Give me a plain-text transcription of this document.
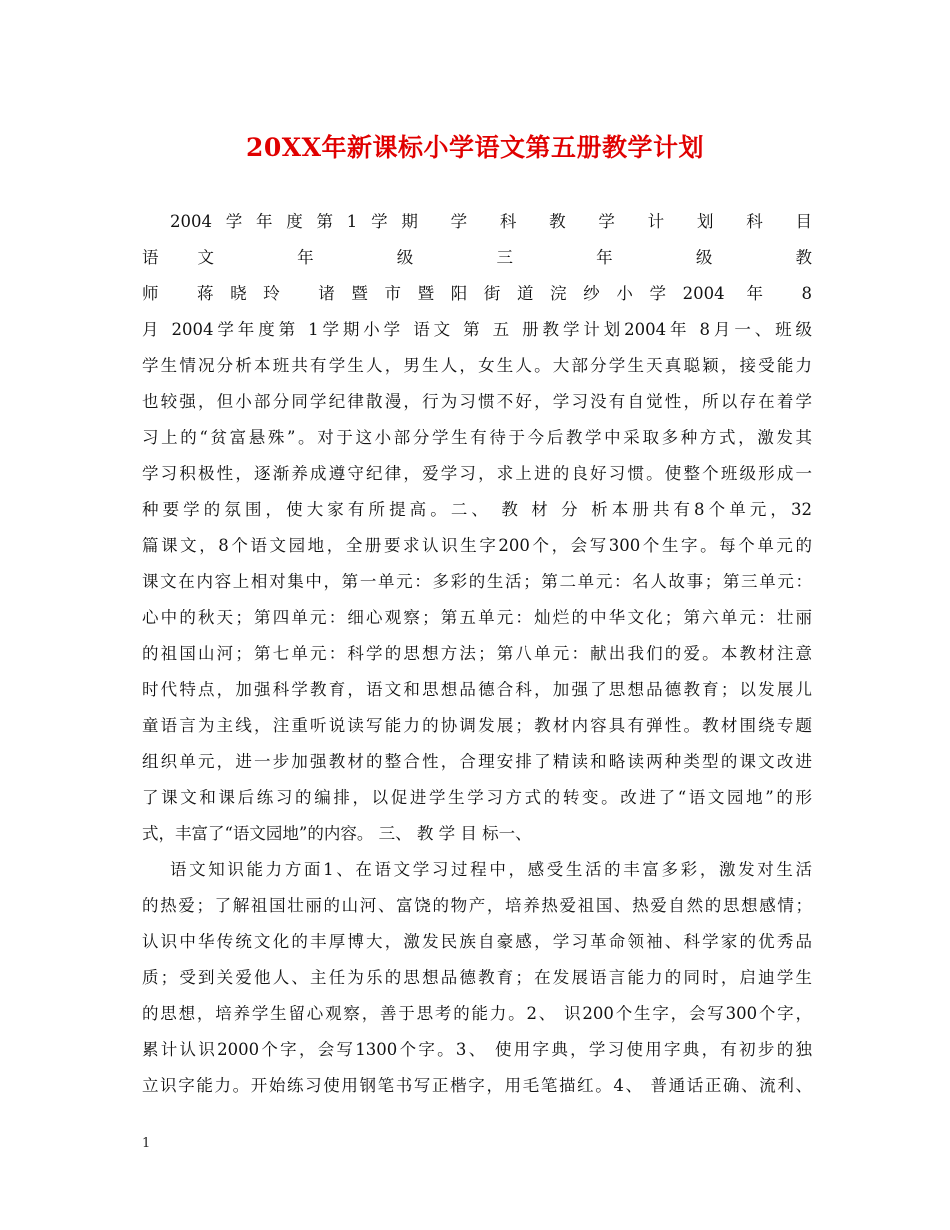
20XX年新课标小学语文第五册教学计划
2004学年度第1学期 学 科 教 学 计 划 科 目
语文 年 级 三 年 级 教
师 蒋晓玲 诸暨市暨阳街道浣纱小学2004 年 8
月 2004学年度第 1学期小学 语文 第 五 册教学计划2004年 8月一、班级
学生情况分析本班共有学生人，男生人，女生人。大部分学生天真聪颖，接受能力
也较强，但小部分同学纪律散漫，行为习惯不好，学习没有自觉性，所以存在着学
习上的“贫富悬殊”。对于这小部分学生有待于今后教学中采取多种方式，激发其
学习积极性，逐渐养成遵守纪律，爱学习，求上进的良好习惯。使整个班级形成一
种要学的氛围，使大家有所提高。二、 教 材 分 析本册共有8个单元，32
篇课文，8个语文园地，全册要求认识生字200个，会写300个生字。每个单元的
课文在内容上相对集中，第一单元：多彩的生活；第二单元：名人故事；第三单元：
心中的秋天；第四单元：细心观察；第五单元：灿烂的中华文化；第六单元：壮丽
的祖国山河；第七单元：科学的思想方法；第八单元：献出我们的爱。本教材注意
时代特点，加强科学教育，语文和思想品德合科，加强了思想品德教育；以发展儿
童语言为主线，注重听说读写能力的协调发展；教材内容具有弹性。教材围绕专题
组织单元，进一步加强教材的整合性，合理安排了精读和略读两种类型的课文改进
了课文和课后练习的编排，以促进学生学习方式的转变。改进了“语文园地”的形
式，丰富了“语文园地”的内容。 三、 教 学 目 标一、
语文知识能力方面1、在语文学习过程中，感受生活的丰富多彩，激发对生活
的热爱；了解祖国壮丽的山河、富饶的物产，培养热爱祖国、热爱自然的思想感情；
认识中华传统文化的丰厚博大，激发民族自豪感，学习革命领袖、科学家的优秀品
质；受到关爱他人、主任为乐的思想品德教育；在发展语言能力的同时，启迪学生
的思想，培养学生留心观察，善于思考的能力。2、 识200个生字，会写300个字，
累计认识2000个字，会写1300个字。3、 使用字典，学习使用字典，有初步的独
立识字能力。开始练习使用钢笔书写正楷字，用毛笔描红。4、 普通话正确、流利、
1
